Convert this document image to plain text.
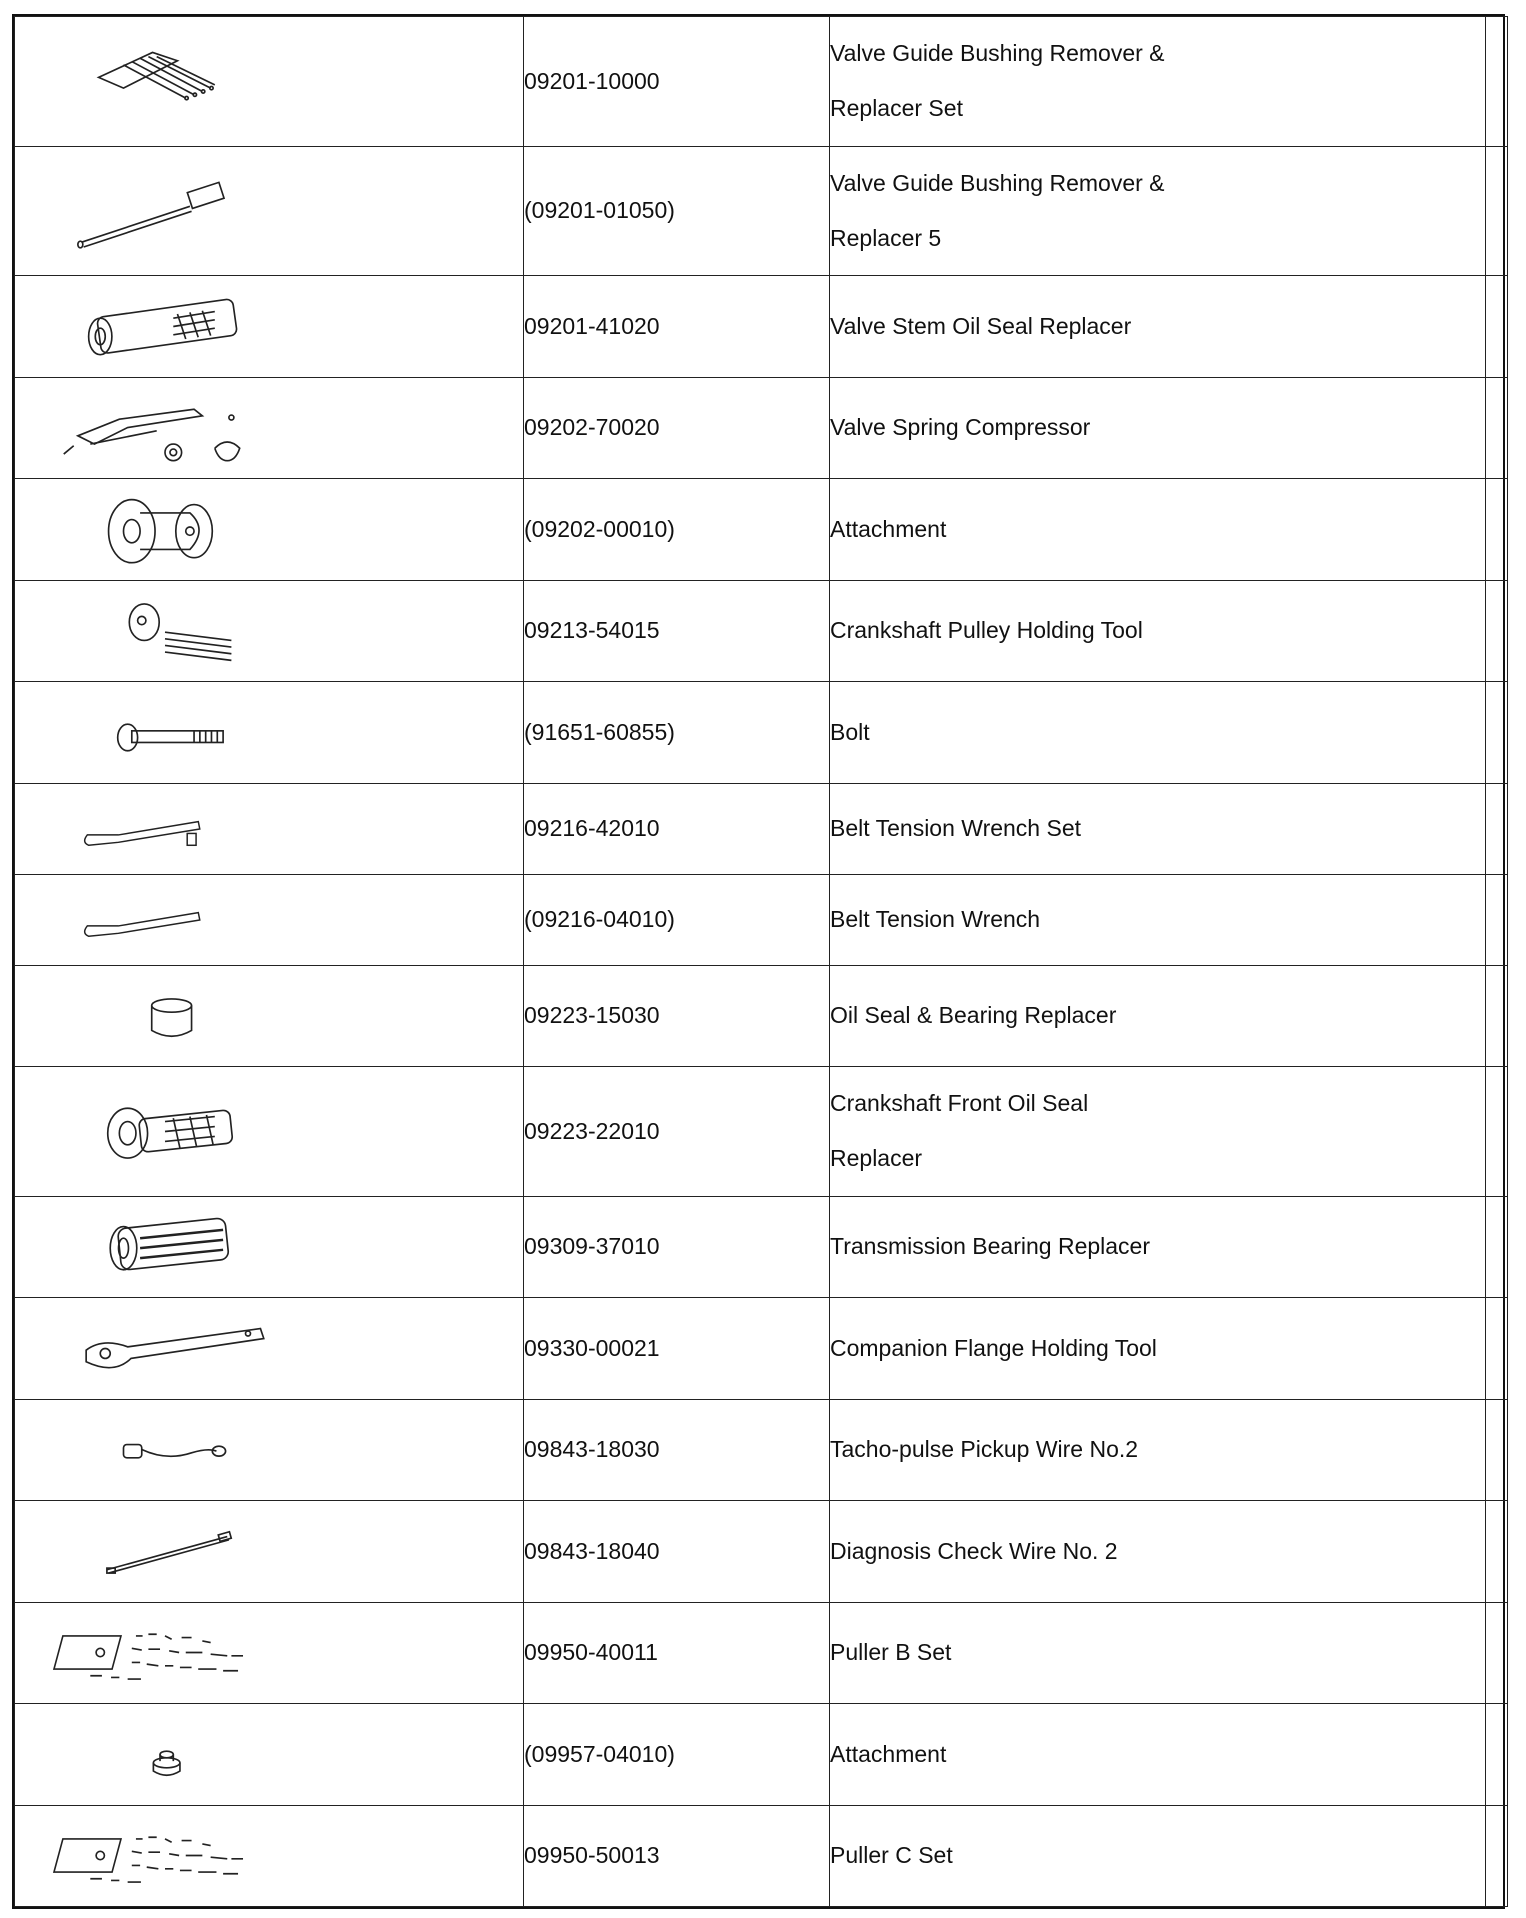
	09201-10000	Valve Guide Bushing Remover &
Replacer Set	

	(09201-01050)	Valve Guide Bushing Remover &
Replacer 5	

	09201-41020	Valve Stem Oil Seal Replacer	

	09202-70020	Valve Spring Compressor	

	(09202-00010)	Attachment	

	09213-54015	Crankshaft Pulley Holding Tool	

	(91651-60855)	Bolt	

	09216-42010	Belt Tension Wrench Set	

	(09216-04010)	Belt Tension Wrench	

	09223-15030	Oil Seal & Bearing Replacer	

	09223-22010	Crankshaft Front Oil Seal
Replacer	

	09309-37010	Transmission Bearing Replacer	

	09330-00021	Companion Flange Holding Tool	

	09843-18030	Tacho-pulse Pickup Wire No.2	

	09843-18040	Diagnosis Check Wire No. 2	

	09950-40011	Puller B Set	

	(09957-04010)	Attachment	

	09950-50013	Puller C Set	
